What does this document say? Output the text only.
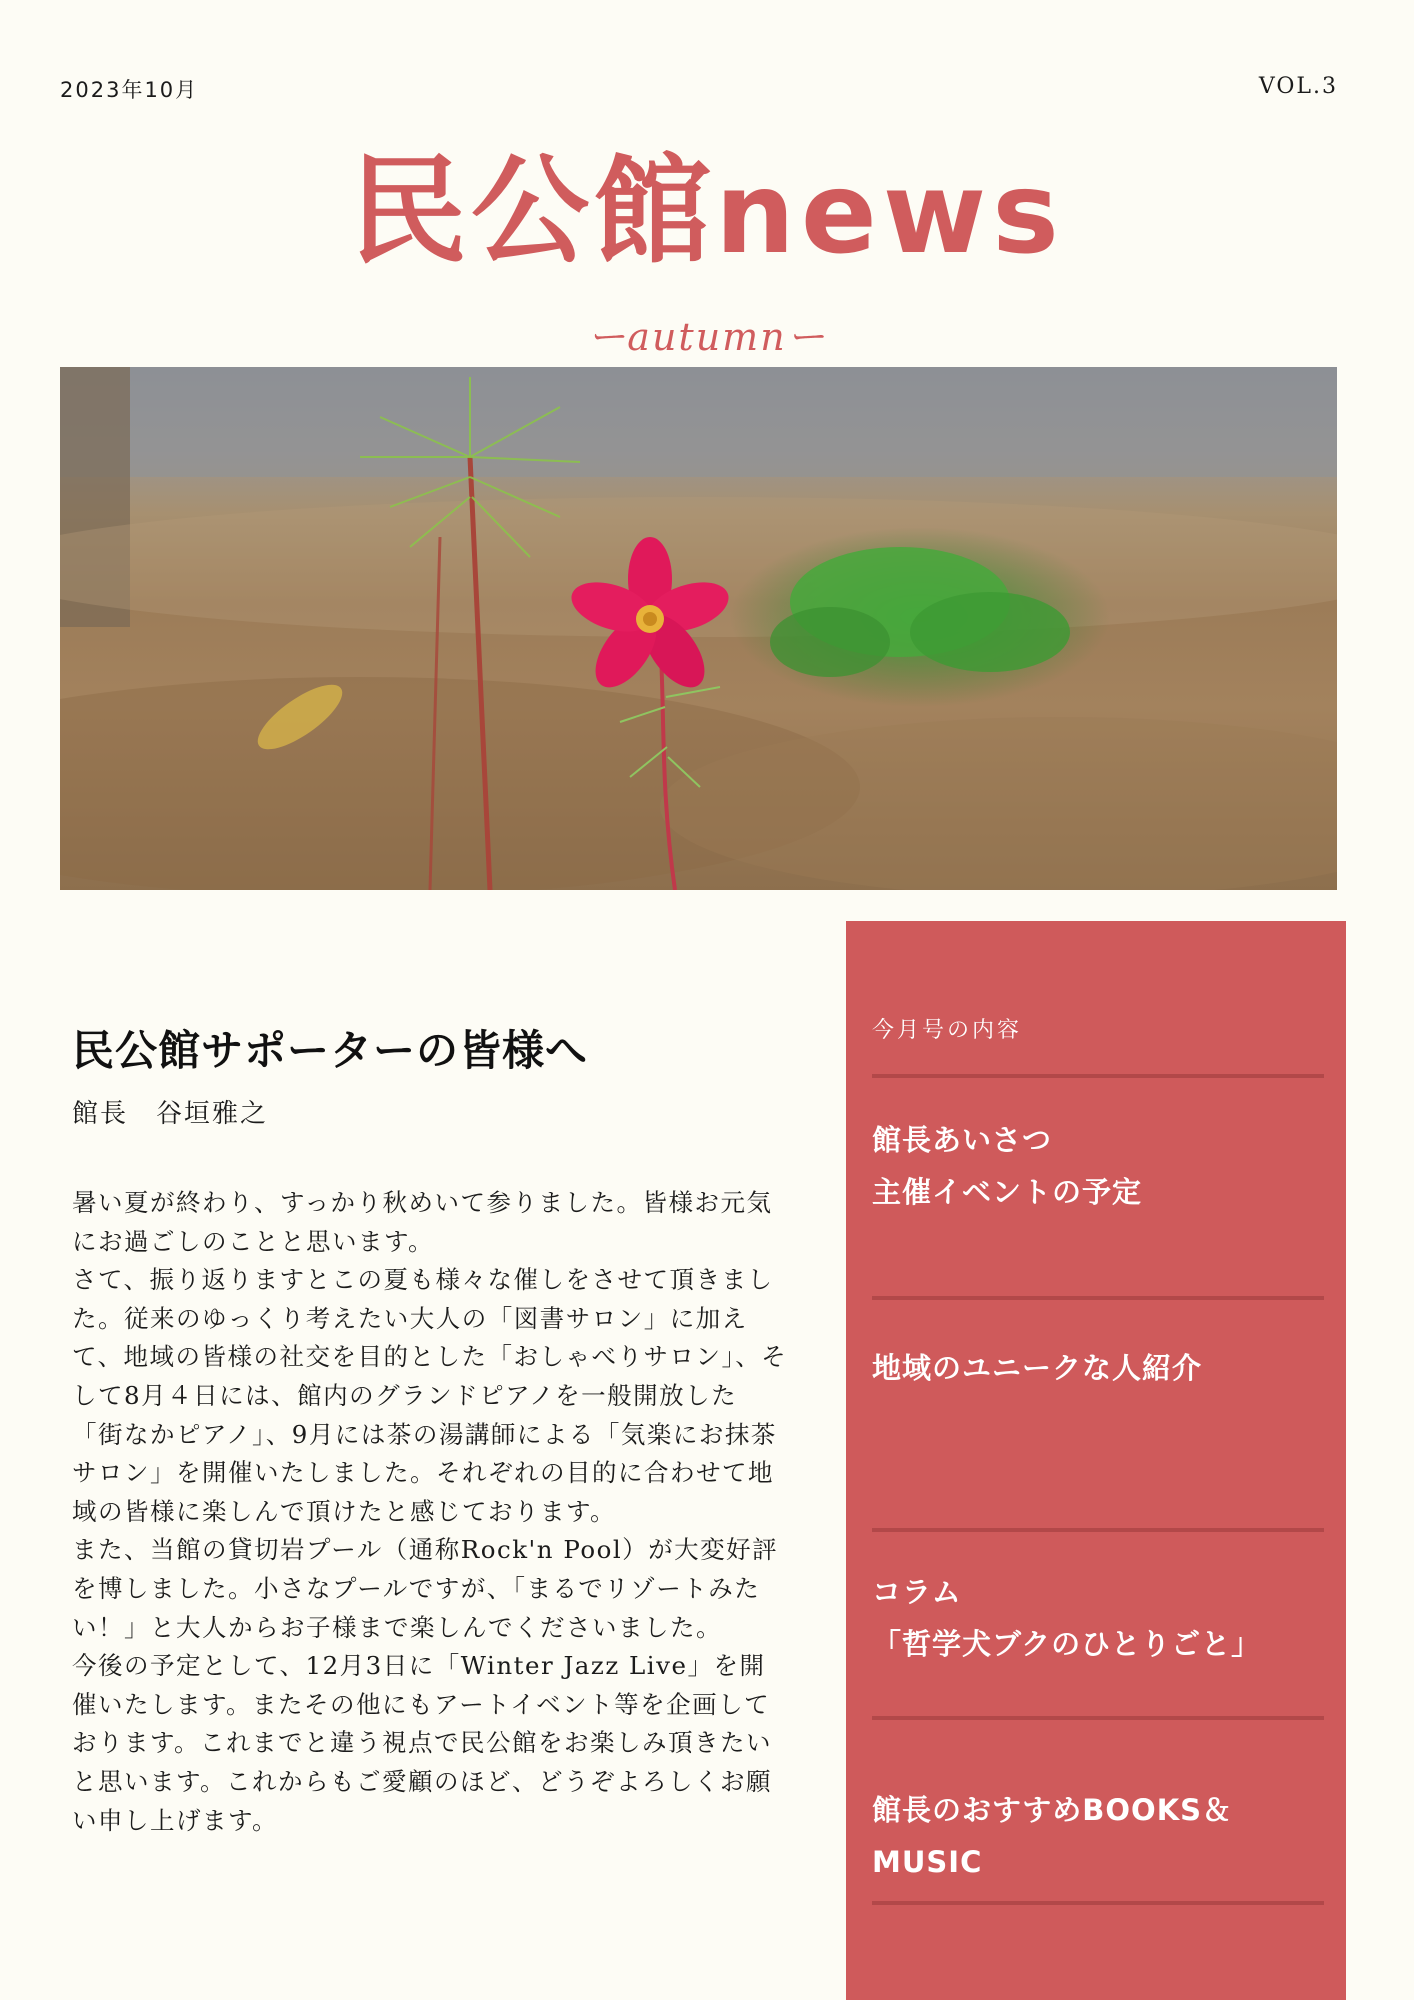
2023年10月	VOL.3
民公館news
ーautumnー
民公館サポーターの皆様へ
館長　谷垣雅之

暑い夏が終わり、すっかり秋めいて参りました。皆様お元気にお過ごしのことと思います。

さて、振り返りますとこの夏も様々な催しをさせて頂きました。従来のゆっくり考えたい大人の「図書サロン」に加えて、地域の皆様の社交を目的とした「おしゃべりサロン」、そして8月４日には、館内のグランドピアノを一般開放した「街なかピアノ」、9月には茶の湯講師による「気楽にお抹茶サロン」を開催いたしました。それぞれの目的に合わせて地域の皆様に楽しんで頂けたと感じております。

また、当館の貸切岩プール（通称Rock'n Pool）が大変好評を博しました。小さなプールですが、「まるでリゾートみたい！」と大人からお子様まで楽しんでくださいました。

今後の予定として、12月3日に「Winter Jazz Live」を開催いたします。またその他にもアートイベント等を企画しております。これまでと違う視点で民公館をお楽しみ頂きたいと思います。これからもご愛顧のほど、どうぞよろしくお願い申し上げます。

今月号の内容
館長あいさつ
主催イベントの予定
地域のユニークな人紹介
コラム
「哲学犬ブクのひとりごと」
館長のおすすめBOOKS＆
MUSIC
